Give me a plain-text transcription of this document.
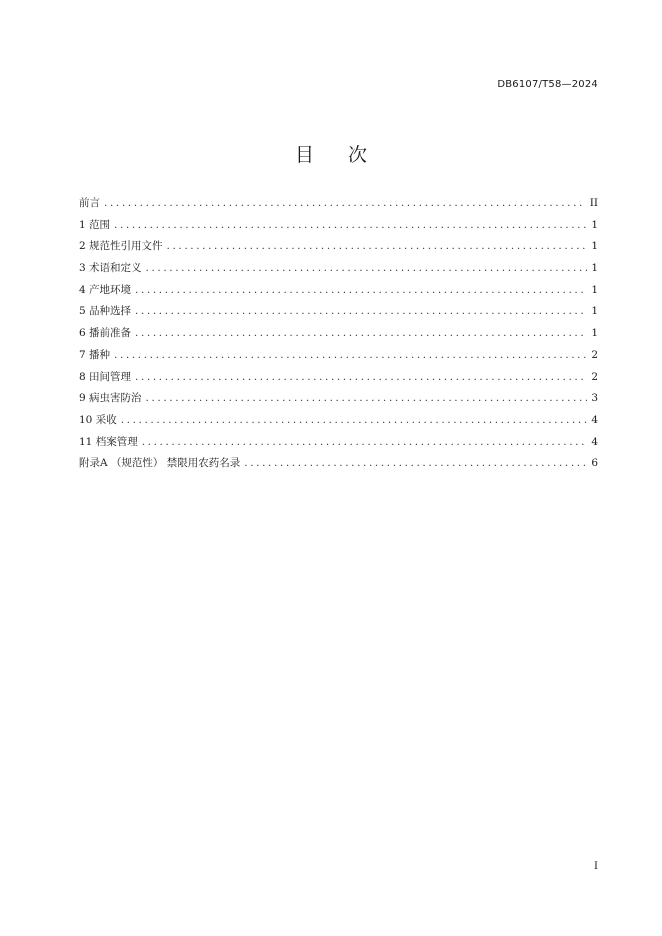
DB6107/T58—2024
目次
前言 .....	II
1 范围 .....	1
2 规范性引用文件 .....	1
3 术语和定义 .....	1
4 产地环境 .....	1
5 品种选择 .....	1
6 播前准备 .....	1
7 播种 .....	2
8 田间管理 .....	2
9 病虫害防治 .....	3
10 采收 .....	4
11 档案管理 .....	4
附录A （规范性） 禁限用农药名录 .....	6
I
